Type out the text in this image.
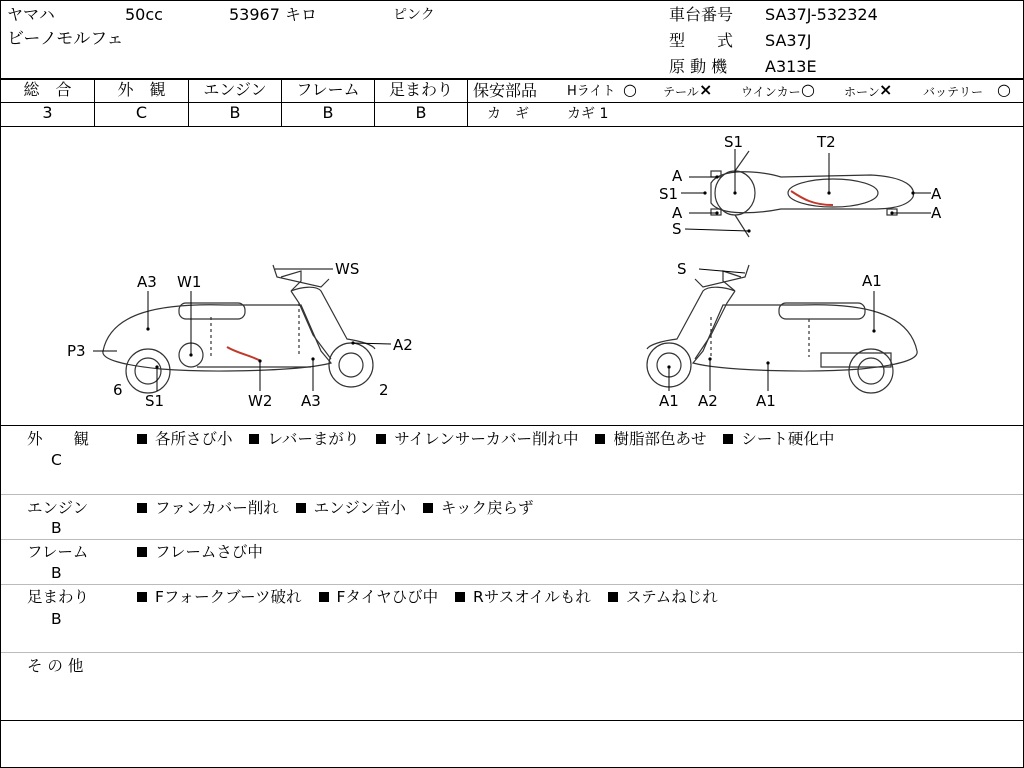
ヤマハ	50cc	53967 キロ	ピンク
ビーノモルフェ
車台番号 SA37J-532324
型　　式	SA37J
原 動 機 A313E
総　合	外　観	エンジン	フレーム	足まわり
3	C	B	B	B
保安部品 Hライト ○ テール × ウインカー ○ ホーン ×	バッテリー ○
カ　ギ	カギ 1
A3 W1
WS
A2
P3
6
S1	W2 A3
2
S
A1
A1 A2	A1
S1	T2
A
S1
A
S
A
A
外　　観
C
各所さび小 レバーまがり サイレンサーカバー削れ中 樹脂部色あせ シート硬化中
エンジン
B
ファンカバー削れ エンジン音小 キック戻らず
フレーム
B
フレームさび中
足まわり
B
Fフォークブーツ破れ Fタイヤひび中 Rサスオイルもれ ステムねじれ
そ の 他
